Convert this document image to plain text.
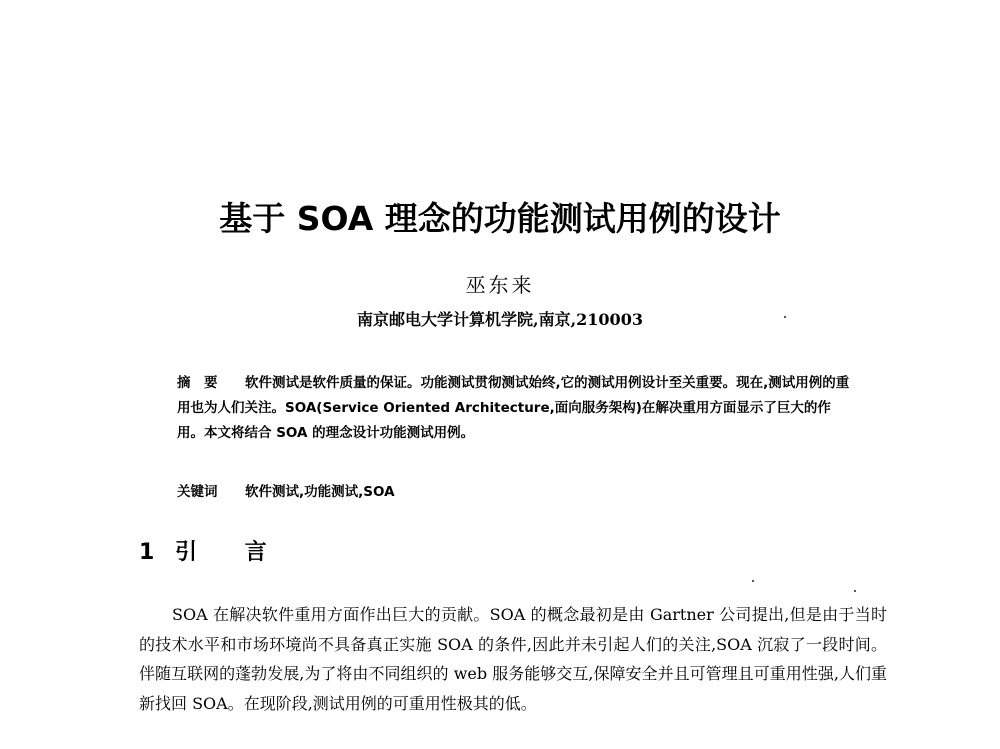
基于 SOA 理念的功能测试用例的设计
巫东来
南京邮电大学计算机学院,南京,210003
摘　要 软件测试是软件质量的保证。功能测试贯彻测试始终,它的测试用例设计至关重要。现在,测试用例的重用也为人们关注。SOA(Service Oriented Architecture,面向服务架构)在解决重用方面显示了巨大的作用。本文将结合 SOA 的理念设计功能测试用例。
关键词 软件测试,功能测试,SOA
1 引 言
SOA 在解决软件重用方面作出巨大的贡献。SOA 的概念最初是由 Gartner 公司提出,但是由于当时的技术水平和市场环境尚不具备真正实施 SOA 的条件,因此并未引起人们的关注,SOA 沉寂了一段时间。伴随互联网的蓬勃发展,为了将由不同组织的 web 服务能够交互,保障安全并且可管理且可重用性强,人们重新找回 SOA。在现阶段,测试用例的可重用性极其的低。
